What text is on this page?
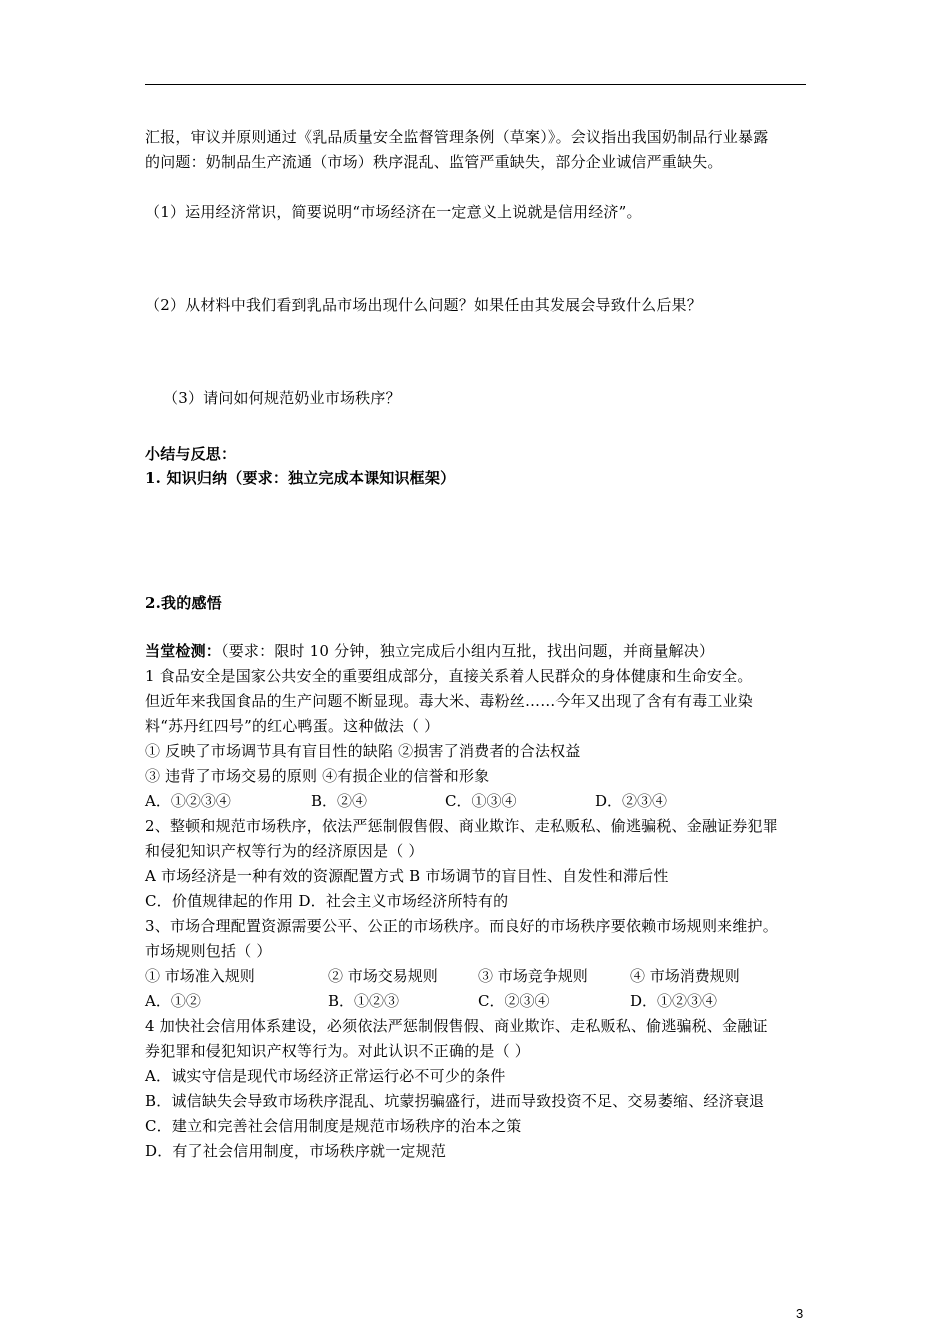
汇报，审议并原则通过《乳品质量安全监督管理条例（草案）》。会议指出我国奶制品行业暴露
的问题：奶制品生产流通（市场）秩序混乱、监管严重缺失，部分企业诚信严重缺失。
（1）运用经济常识，简要说明“市场经济在一定意义上说就是信用经济”。
（2）从材料中我们看到乳品市场出现什么问题？如果任由其发展会导致什么后果？
（3）请问如何规范奶业市场秩序？
小结与反思：
1. 知识归纳（要求：独立完成本课知识框架）
2.我的感悟
当堂检测：（要求：限时 10 分钟，独立完成后小组内互批，找出问题，并商量解决）
1 食品安全是国家公共安全的重要组成部分，直接关系着人民群众的身体健康和生命安全。
但近年来我国食品的生产问题不断显现。毒大米、毒粉丝……今年又出现了含有有毒工业染
料“苏丹红四号”的红心鸭蛋。这种做法（ ）
① 反映了市场调节具有盲目性的缺陷 ②损害了消费者的合法权益
③ 违背了市场交易的原则 ④有损企业的信誉和形象
A．①②③④	B．②④	C．①③④	D．②③④
2、整顿和规范市场秩序，依法严惩制假售假、商业欺诈、走私贩私、偷逃骗税、金融证券犯罪
和侵犯知识产权等行为的经济原因是（ ）
A 市场经济是一种有效的资源配置方式 B 市场调节的盲目性、自发性和滞后性
C．价值规律起的作用 D．社会主义市场经济所特有的
3、市场合理配置资源需要公平、公正的市场秩序。而良好的市场秩序要依赖市场规则来维护。
市场规则包括（ ）
① 市场准入规则	② 市场交易规则	③ 市场竞争规则	④ 市场消费规则
A．①②	B．①②③	C．②③④	D．①②③④
4 加快社会信用体系建设，必须依法严惩制假售假、商业欺诈、走私贩私、偷逃骗税、金融证
券犯罪和侵犯知识产权等行为。对此认识不正确的是（ ）
A．诚实守信是现代市场经济正常运行必不可少的条件
B．诚信缺失会导致市场秩序混乱、坑蒙拐骗盛行，进而导致投资不足、交易萎缩、经济衰退
C．建立和完善社会信用制度是规范市场秩序的治本之策
D．有了社会信用制度，市场秩序就一定规范
3
